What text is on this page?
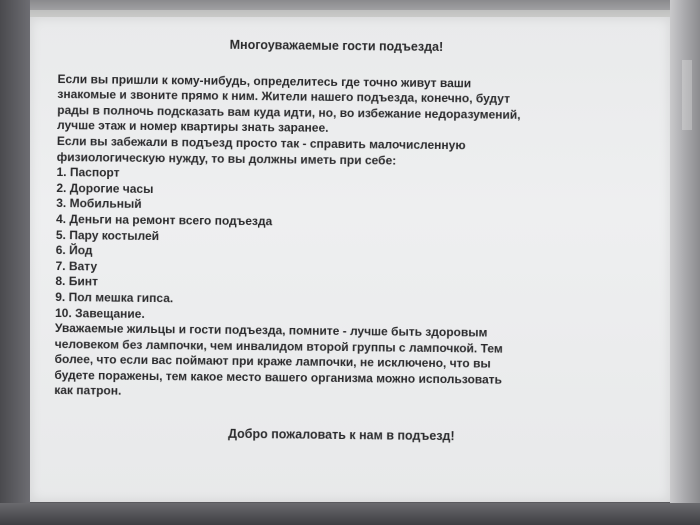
Многоуважаемые гости подъезда!

Если вы пришли к кому-нибудь, определитесь где точно живут ваши

знакомые и звоните прямо к ним. Жители нашего подъезда, конечно, будут

рады в полночь подсказать вам куда идти, но, во избежание недоразумений,

лучше этаж и номер квартиры знать заранее.

Если вы забежали в подъезд просто так - справить малочисленную

физиологическую нужду, то вы должны иметь при себе:

1. Паспорт
2. Дорогие часы
3. Мобильный
4. Деньги на ремонт всего подъезда
5. Пару костылей
6. Йод
7. Вату
8. Бинт
9. Пол мешка гипса.
10. Завещание.

Уважаемые жильцы и гости подъезда, помните - лучше быть здоровым

человеком без лампочки, чем инвалидом второй группы с лампочкой. Тем

более, что если вас поймают при краже лампочки, не исключено, что вы

будете поражены, тем какое место вашего организма можно использовать

как патрон.

Добро пожаловать к нам в подъезд!
